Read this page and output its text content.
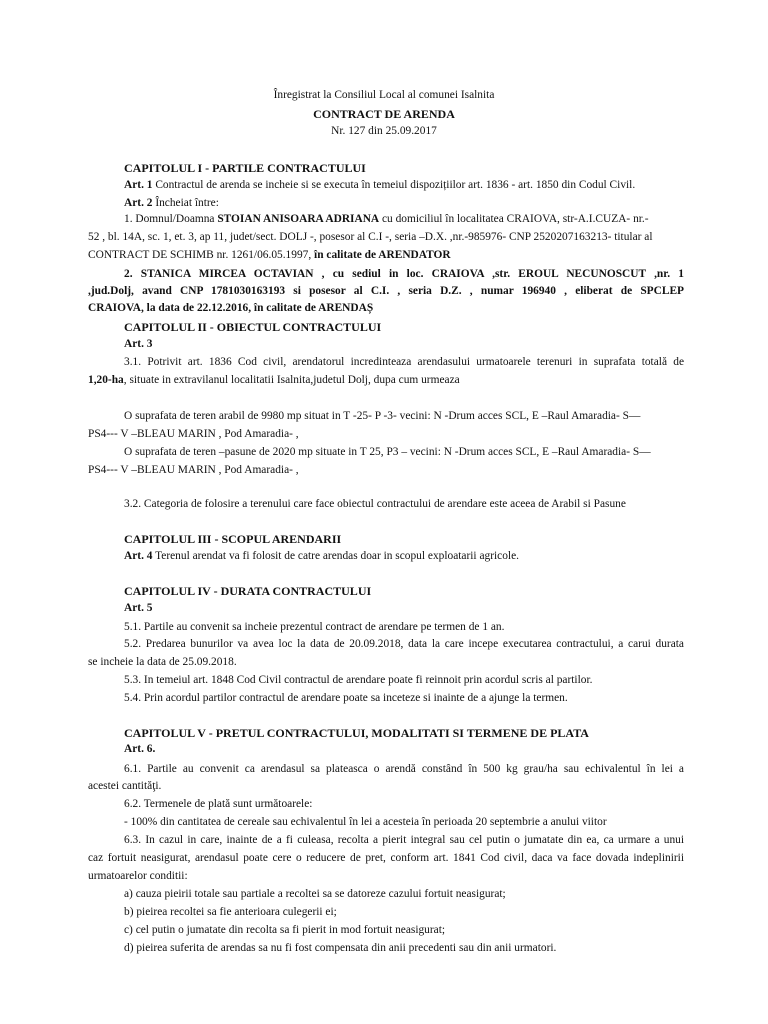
Înregistrat la Consiliul Local al comunei Isalnita
CONTRACT DE ARENDA
Nr. 127 din 25.09.2017
CAPITOLUL I - PARTILE CONTRACTULUI
Art. 1 Contractul de arenda se incheie si se executa în temeiul dispozițiilor art. 1836 - art. 1850 din Codul Civil.
Art. 2 Încheiat între:
1. Domnul/Doamna STOIAN ANISOARA ADRIANA cu domiciliul în localitatea CRAIOVA, str-A.I.CUZA- nr.-
52 , bl. 14A, sc. 1, et. 3, ap 11, judet/sect. DOLJ -, posesor al C.I -, seria –D.X. ,nr.-985976- CNP 2520207163213- titular al
CONTRACT DE SCHIMB nr. 1261/06.05.1997, în calitate de ARENDATOR
2. STANICA MIRCEA OCTAVIAN , cu sediul in loc. CRAIOVA ,str. EROUL NECUNOSCUT ,nr. 1
,jud.Dolj, avand CNP 1781030163193 si posesor al C.I. , seria D.Z. , numar 196940 , eliberat de SPCLEP
CRAIOVA, la data de 22.12.2016, în calitate de ARENDAȘ
CAPITOLUL II - OBIECTUL CONTRACTULUI
Art. 3
3.1. Potrivit art. 1836 Cod civil, arendatorul incredinteaza arendasului urmatoarele terenuri in suprafata totală de
1,20-ha, situate in extravilanul localitatii Isalnita,judetul Dolj, dupa cum urmeaza
O suprafata de teren arabil de 9980 mp situat in T -25- P -3- vecini: N -Drum acces SCL, E –Raul Amaradia- S—
PS4--- V –BLEAU MARIN , Pod Amaradia- ,
O suprafata de teren –pasune de 2020 mp situate in T 25, P3 – vecini: N -Drum acces SCL, E –Raul Amaradia- S—
PS4--- V –BLEAU MARIN , Pod Amaradia- ,
3.2. Categoria de folosire a terenului care face obiectul contractului de arendare este aceea de Arabil si Pasune
CAPITOLUL III - SCOPUL ARENDARII
Art. 4 Terenul arendat va fi folosit de catre arendas doar in scopul exploatarii agricole.
CAPITOLUL IV - DURATA CONTRACTULUI
Art. 5
5.1. Partile au convenit sa incheie prezentul contract de arendare pe termen de 1 an.
5.2. Predarea bunurilor va avea loc la data de 20.09.2018, data la care incepe executarea contractului, a carui durata
se incheie la data de 25.09.2018.
5.3. In temeiul art. 1848 Cod Civil contractul de arendare poate fi reinnoit prin acordul scris al partilor.
5.4. Prin acordul partilor contractul de arendare poate sa inceteze si inainte de a ajunge la termen.
CAPITOLUL V - PRETUL CONTRACTULUI, MODALITATI SI TERMENE DE PLATA
Art. 6.
6.1. Partile au convenit ca arendasul sa plateasca o arendă constând în 500 kg grau/ha sau echivalentul în lei a
acestei cantităţi.
6.2. Termenele de plată sunt următoarele:
- 100% din cantitatea de cereale sau echivalentul în lei a acesteia în perioada 20 septembrie a anului viitor
6.3. In cazul in care, inainte de a fi culeasa, recolta a pierit integral sau cel putin o jumatate din ea, ca urmare a unui
caz fortuit neasigurat, arendasul poate cere o reducere de pret, conform art. 1841 Cod civil, daca va face dovada indeplinirii
urmatoarelor conditii:
a) cauza pieirii totale sau partiale a recoltei sa se datoreze cazului fortuit neasigurat;
b) pieirea recoltei sa fie anterioara culegerii ei;
c) cel putin o jumatate din recolta sa fi pierit in mod fortuit neasigurat;
d) pieirea suferita de arendas sa nu fi fost compensata din anii precedenti sau din anii urmatori.
